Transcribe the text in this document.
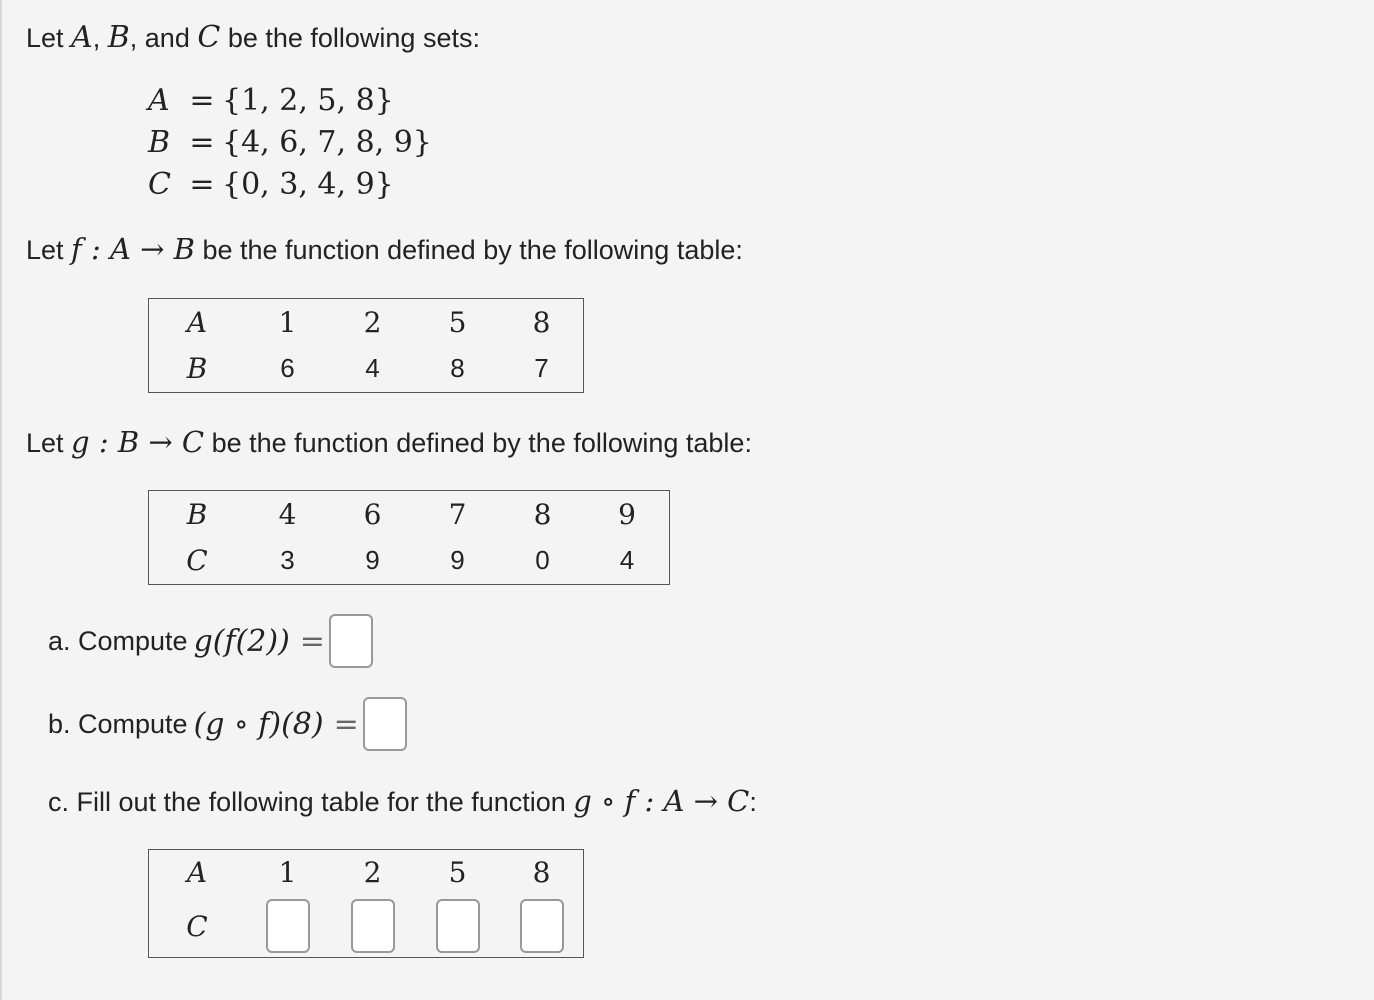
Let A, B, and C be the following sets:
A = {1, 2, 5, 8}
B = {4, 6, 7, 8, 9}
C = {0, 3, 4, 9}
Let f : A → B be the function defined by the following table:
A	1	2	5	8
B	6	4	8	7
Let g : B → C be the function defined by the following table:
B	4	6	7	8	9
C	3	9	9	0	4
a. Compute g(f(2)) =
b. Compute (g ∘ f)(8) =
c. Fill out the following table for the function g ∘ f : A → C:
A	1	2	5	8
C				
